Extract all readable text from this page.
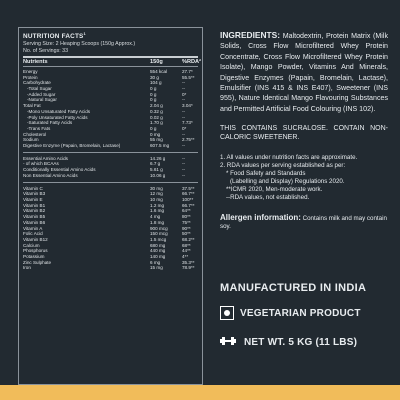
NUTRITION FACTS$^1$
Serving Size: 2 Heaping Scoops (150g Approx.)
No. of Servings: 33
Nutrients	150g	%RDA²
Energy	554 kcal	27.7*
Protein	30 g	55.5**
Carbohydrate	104 g	--
-Total Sugar	0 g	--
-Added Sugar	0 g	0*
-Natural Sugar	0 g	--
Total Fat	2.04 g	3.04*
-Mono Unsaturated Fatty Acids	0.32 g	--
-Poly Unsaturated Fatty Acids	0.02 g	--
-Saturated Fatty Acids	1.70 g	7.73*
-Trans Fats	0 g	0*
Cholesterol	0 mg	--
Sodium	55 mg	2.75**
Digestive Enzyme (Papain, Bromelain, Lactase)	607.5 mg	--
Essential Amino Acids	14.26 g	--
- of which BCAAs	6.7 g	--
Conditionally Essential Amino Acids	5.61 g	--
Non Essential Amino Acids	10.06 g	--
Vitamin C	30 mg	37.5**
Vitamin B3	12 mg	66.7**
Vitamin E	10 mg	100**
Vitamin B1	1.2 mg	66.7**
Vitamin B2	1.6 mg	64**
Vitamin B5	4 mg	80**
Vitamin B6	1.8 mg	75**
Vitamin A	900 mcg	90**
Folic Acid	150 mcg	50**
Vitamin B12	1.5 mcg	68.2**
Calcium	680 mg	68**
Phosphorus	440 mg	44**
Potassium	140 mg	4**
Zinc Sulphate	6 mg	35.3**
Iron	15 mg	78.9**
INGREDIENTS: Maltodextrin, Protein Matrix (Milk Solids, Cross Flow Microfiltered Whey Protein Concentrate, Cross Flow Microfiltered Whey Protein Isolate), Mango Powder, Vitamins And Minerals, Digestive Enzymes (Papain, Bromelain, Lactase), Emulsifier (INS 415 & INS E407), Sweetener (INS 955), Nature Identical Mango Flavouring Substances and Permitted Artificial Food Colouring (INS 102).
THIS CONTAINS SUCRALOSE. CONTAIN NON-CALORIC SWEETENER.
1. All values under nutrition facts are approximate.
2. RDA values per serving established as per:
* Food Safety and Standards
(Labelling and Display) Regulations 2020.
**ICMR 2020, Men-moderate work.
--RDA values, not established.
Allergen information: Contains milk and may contain soy.
MANUFACTURED IN INDIA
VEGETARIAN PRODUCT
NET WT. 5 KG (11 LBS)
